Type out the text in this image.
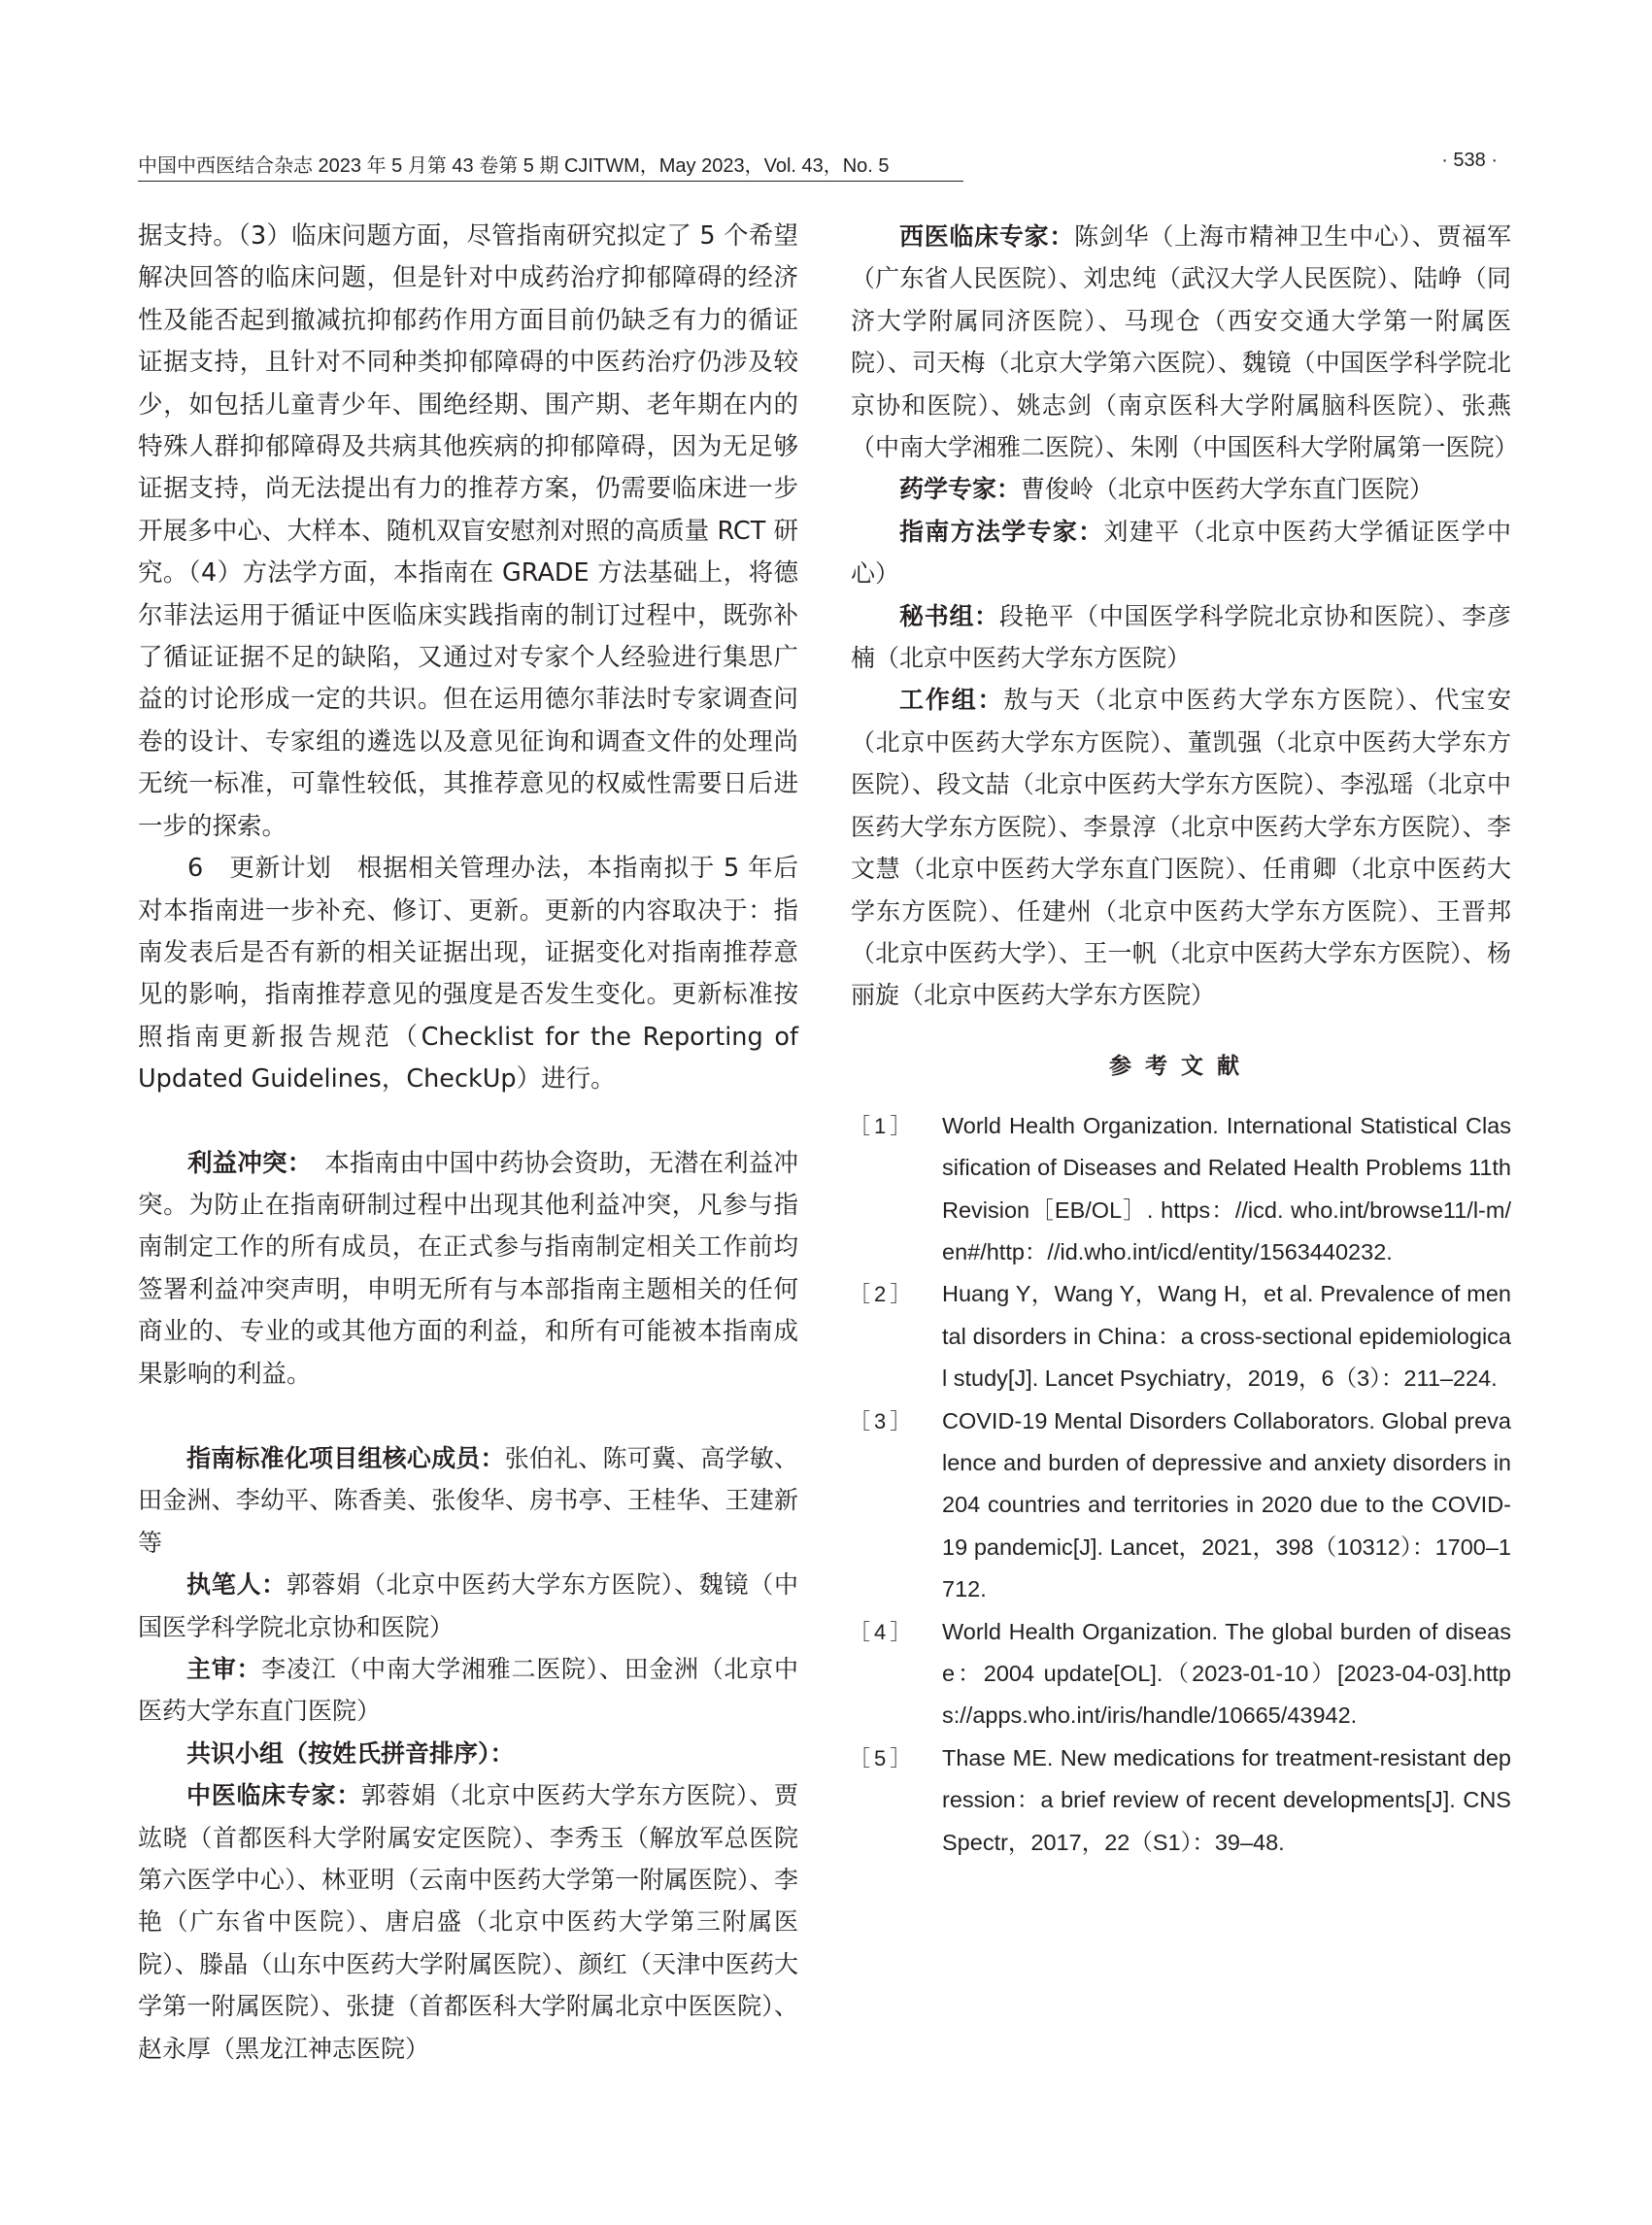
中国中西医结合杂志 2023 年 5 月第 43 卷第 5 期 CJITWM，May 2023，Vol. 43，No. 5	· 538 ·

据支持。（3）临床问题方面，尽管指南研究拟定了 5 个希望解决回答的临床问题，但是针对中成药治疗抑郁障碍的经济性及能否起到撤减抗抑郁药作用方面目前仍缺乏有力的循证证据支持，且针对不同种类抑郁障碍的中医药治疗仍涉及较少，如包括儿童青少年、围绝经期、围产期、老年期在内的特殊人群抑郁障碍及共病其他疾病的抑郁障碍，因为无足够证据支持，尚无法提出有力的推荐方案，仍需要临床进一步开展多中心、大样本、随机双盲安慰剂对照的高质量 RCT 研究。（4）方法学方面，本指南在 GRADE 方法基础上，将德尔菲法运用于循证中医临床实践指南的制订过程中，既弥补了循证证据不足的缺陷，又通过对专家个人经验进行集思广益的讨论形成一定的共识。但在运用德尔菲法时专家调查问卷的设计、专家组的遴选以及意见征询和调查文件的处理尚无统一标准，可靠性较低，其推荐意见的权威性需要日后进一步的探索。

6　更新计划　 根据相关管理办法，本指南拟于 5 年后对本指南进一步补充、修订、更新。更新的内容取决于：指南发表后是否有新的相关证据出现，证据变化对指南推荐意见的影响，指南推荐意见的强度是否发生变化。更新标准按照指南更新报告规范（Checklist for the Reporting of Updated Guidelines，CheckUp）进行。

利益冲突：　 本指南由中国中药协会资助，无潜在利益冲突。为防止在指南研制过程中出现其他利益冲突，凡参与指南制定工作的所有成员，在正式参与指南制定相关工作前均签署利益冲突声明，申明无所有与本部指南主题相关的任何商业的、专业的或其他方面的利益，和所有可能被本指南成果影响的利益。

指南标准化项目组核心成员：张伯礼、陈可冀、高学敏、田金洲、李幼平、陈香美、张俊华、房书亭、王桂华、王建新等

执笔人：郭蓉娟（北京中医药大学东方医院）、魏镜（中国医学科学院北京协和医院）

主审：李凌江（中南大学湘雅二医院）、田金洲（北京中医药大学东直门医院）

共识小组（按姓氏拼音排序）：

中医临床专家：郭蓉娟（北京中医药大学东方医院）、贾竑晓（首都医科大学附属安定医院）、李秀玉（解放军总医院第六医学中心）、林亚明（云南中医药大学第一附属医院）、李艳（广东省中医院）、唐启盛（北京中医药大学第三附属医院）、滕晶（山东中医药大学附属医院）、颜红（天津中医药大学第一附属医院）、张捷（首都医科大学附属北京中医医院）、赵永厚（黑龙江神志医院）

西医临床专家：陈剑华（上海市精神卫生中心）、贾福军（广东省人民医院）、刘忠纯（武汉大学人民医院）、陆峥（同济大学附属同济医院）、马现仓（西安交通大学第一附属医院）、司天梅（北京大学第六医院）、魏镜（中国医学科学院北京协和医院）、姚志剑（南京医科大学附属脑科医院）、张燕（中南大学湘雅二医院）、朱刚（中国医科大学附属第一医院）

药学专家：曹俊岭（北京中医药大学东直门医院）

指南方法学专家：刘建平（北京中医药大学循证医学中心）

秘书组：段艳平（中国医学科学院北京协和医院）、李彦楠（北京中医药大学东方医院）

工作组：敖与天（北京中医药大学东方医院）、代宝安（北京中医药大学东方医院）、董凯强（北京中医药大学东方医院）、段文喆（北京中医药大学东方医院）、李泓瑶（北京中医药大学东方医院）、李景淳（北京中医药大学东方医院）、李文慧（北京中医药大学东直门医院）、任甫卿（北京中医药大学东方医院）、任建州（北京中医药大学东方医院）、王晋邦（北京中医药大学）、王一帆（北京中医药大学东方医院）、杨丽旋（北京中医药大学东方医院）

参考文献
［1］ World Health Organization. International Statistical Classification of Diseases and Related Health Problems 11th Revision［EB/OL］. https：//icd. who.int/browse11/l-m/en#/http：//id.who.int/icd/entity/1563440232.

［2］ Huang Y，Wang Y，Wang H，et al. Prevalence of mental disorders in China：a cross-sectional epidemiological study[J]. Lancet Psychiatry，2019，6（3）：211–224.

［3］ COVID-19 Mental Disorders Collaborators. Global prevalence and burden of depressive and anxiety disorders in 204 countries and territories in 2020 due to the COVID-19 pandemic[J]. Lancet，2021，398（10312）：1700–1712.

［4］ World Health Organization. The global burden of disease：2004 update[OL].（2023-01-10）[2023-04-03].https://apps.who.int/iris/handle/10665/43942.

［5］ Thase ME. New medications for treatment-resistant depression：a brief review of recent developments[J]. CNS Spectr，2017，22（S1）：39–48.
